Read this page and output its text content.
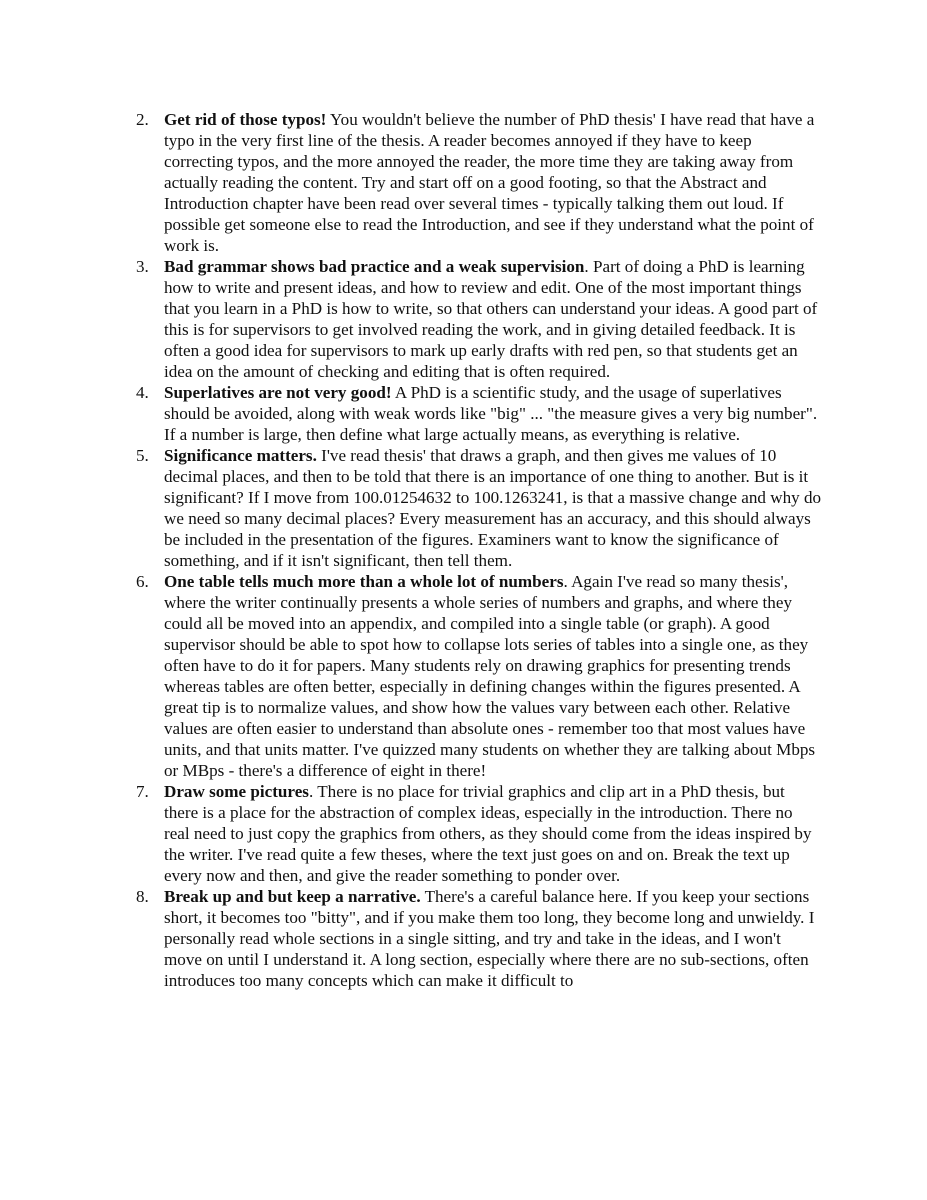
2. Get rid of those typos! You wouldn't believe the number of PhD thesis' I have read that have a typo in the very first line of the thesis. A reader becomes annoyed if they have to keep correcting typos, and the more annoyed the reader, the more time they are taking away from actually reading the content. Try and start off on a good footing, so that the Abstract and Introduction chapter have been read over several times - typically talking them out loud. If possible get someone else to read the Introduction, and see if they understand what the point of work is.
3. Bad grammar shows bad practice and a weak supervision. Part of doing a PhD is learning how to write and present ideas, and how to review and edit. One of the most important things that you learn in a PhD is how to write, so that others can understand your ideas. A good part of this is for supervisors to get involved reading the work, and in giving detailed feedback. It is often a good idea for supervisors to mark up early drafts with red pen, so that students get an idea on the amount of checking and editing that is often required.
4. Superlatives are not very good! A PhD is a scientific study, and the usage of superlatives should be avoided, along with weak words like "big" ... "the measure gives a very big number". If a number is large, then define what large actually means, as everything is relative.
5. Significance matters. I've read thesis' that draws a graph, and then gives me values of 10 decimal places, and then to be told that there is an importance of one thing to another. But is it significant? If I move from 100.01254632 to 100.1263241, is that a massive change and why do we need so many decimal places? Every measurement has an accuracy, and this should always be included in the presentation of the figures. Examiners want to know the significance of something, and if it isn't significant, then tell them.
6. One table tells much more than a whole lot of numbers. Again I've read so many thesis', where the writer continually presents a whole series of numbers and graphs, and where they could all be moved into an appendix, and compiled into a single table (or graph). A good supervisor should be able to spot how to collapse lots series of tables into a single one, as they often have to do it for papers. Many students rely on drawing graphics for presenting trends whereas tables are often better, especially in defining changes within the figures presented. A great tip is to normalize values, and show how the values vary between each other. Relative values are often easier to understand than absolute ones - remember too that most values have units, and that units matter. I've quizzed many students on whether they are talking about Mbps or MBps - there's a difference of eight in there!
7. Draw some pictures. There is no place for trivial graphics and clip art in a PhD thesis, but there is a place for the abstraction of complex ideas, especially in the introduction. There no real need to just copy the graphics from others, as they should come from the ideas inspired by the writer. I've read quite a few theses, where the text just goes on and on. Break the text up every now and then, and give the reader something to ponder over.
8. Break up and but keep a narrative. There's a careful balance here. If you keep your sections short, it becomes too "bitty", and if you make them too long, they become long and unwieldy. I personally read whole sections in a single sitting, and try and take in the ideas, and I won't move on until I understand it. A long section, especially where there are no sub-sections, often introduces too many concepts which can make it difficult to
